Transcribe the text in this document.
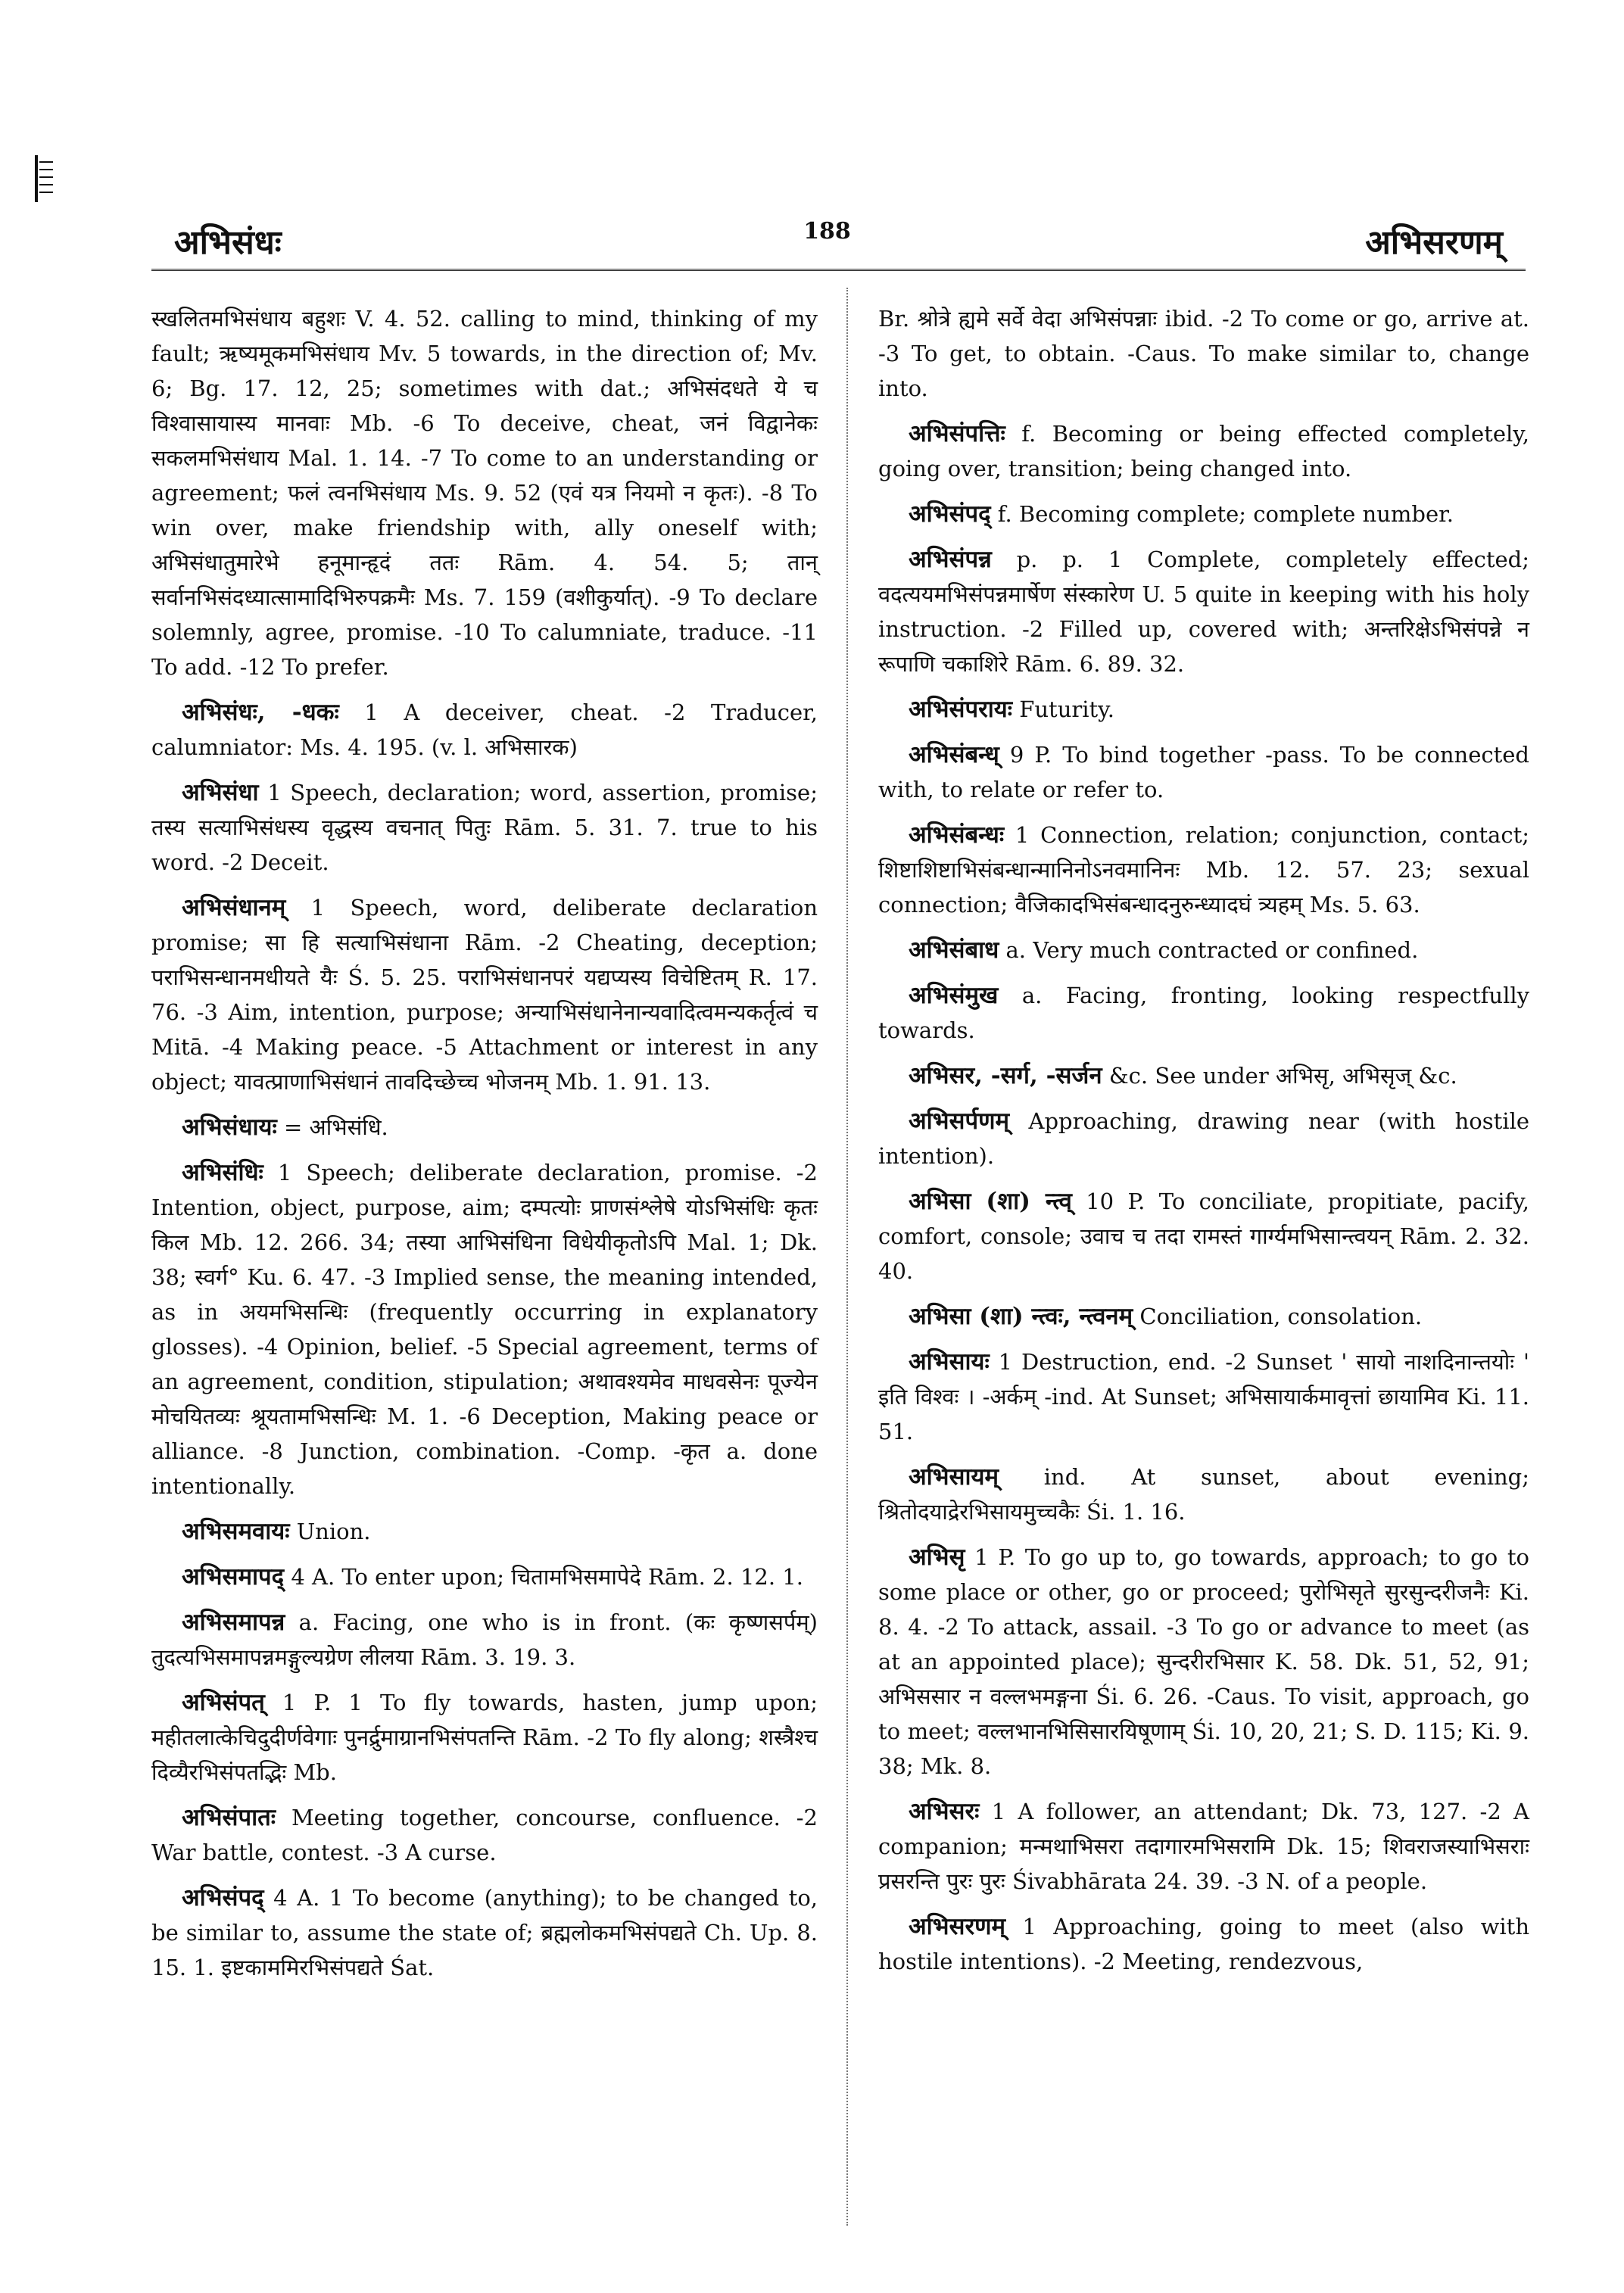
अभिसंधः	188	अभिसरणम्

स्खलितमभिसंधाय बहुशः V. 4. 52. calling to mind, thinking of my fault; ऋष्यमूकमभिसंधाय Mv. 5 towards, in the direction of; Mv. 6; Bg. 17. 12, 25; sometimes with dat.; अभिसंदधते ये च विश्वासायास्य मानवाः Mb. -6 To deceive, cheat, जनं विद्वानेकः सकलमभिसंधाय Mal. 1. 14. -7 To come to an understanding or agreement; फलं त्वनभिसंधाय Ms. 9. 52 (एवं यत्र नियमो न कृतः). -8 To win over, make friendship with, ally oneself with; अभिसंधातुमारेभे हनूमान्हृदं ततः Rām. 4. 54. 5; तान् सर्वानभिसंदध्यात्सामादिभिरुपक्रमैः Ms. 7. 159 (वशीकुर्यात्). -9 To declare solemnly, agree, promise. -10 To calumniate, traduce. -11 To add. -12 To prefer.

अभिसंधः, -धकः 1 A deceiver, cheat. -2 Traducer, calumniator: Ms. 4. 195. (v. l. अभिसारक)

अभिसंधा 1 Speech, declaration; word, assertion, promise; तस्य सत्याभिसंधस्य वृद्धस्य वचनात् पितुः Rām. 5. 31. 7. true to his word. -2 Deceit.

अभिसंधानम् 1 Speech, word, deliberate declaration promise; सा हि सत्याभिसंधाना Rām. -2 Cheating, deception; पराभिसन्धानमधीयते यैः Ś. 5. 25. पराभिसंधानपरं यद्यप्यस्य विचेष्टितम् R. 17. 76. -3 Aim, intention, purpose; अन्याभिसंधानेनान्यवादित्वमन्यकर्तृत्वं च Mitā. -4 Making peace. -5 Attachment or interest in any object; यावत्प्राणाभिसंधानं तावदिच्छेच्च भोजनम् Mb. 1. 91. 13.

अभिसंधायः = अभिसंधि.

अभिसंधिः 1 Speech; deliberate declaration, promise. -2 Intention, object, purpose, aim; दम्पत्योः प्राणसंश्लेषे योऽभिसंधिः कृतः किल Mb. 12. 266. 34; तस्या आभिसंधिना विधेयीकृतोऽपि Mal. 1; Dk. 38; स्वर्ग° Ku. 6. 47. -3 Implied sense, the meaning intended, as in अयमभिसन्धिः (frequently occurring in explanatory glosses). -4 Opinion, belief. -5 Special agreement, terms of an agreement, condition, stipulation; अथावश्यमेव माधवसेनः पूज्येन मोचयितव्यः श्रूयतामभिसन्धिः M. 1. -6 Deception, Making peace or alliance. -8 Junction, combination. -Comp. -कृत a. done intentionally.

अभिसमवायः Union.

अभिसमापद् 4 A. To enter upon; चितामभिसमापेदे Rām. 2. 12. 1.

अभिसमापन्न a. Facing, one who is in front. (कः कृष्णसर्पम्) तुदत्यभिसमापन्नमङ्गुल्यग्रेण लीलया Rām. 3. 19. 3.

अभिसंपत् 1 P. 1 To fly towards, hasten, jump upon; महीतलात्केचिदुदीर्णवेगाः पुनर्द्रुमाग्रानभिसंपतन्ति Rām. -2 To fly along; शस्त्रैश्च दिव्यैरभिसंपतद्भिः Mb.

अभिसंपातः Meeting together, concourse, confluence. -2 War battle, contest. -3 A curse.

अभिसंपद् 4 A. 1 To become (anything); to be changed to, be similar to, assume the state of; ब्रह्मलोकमभिसंपद्यते Ch. Up. 8. 15. 1. इष्टकाममिरभिसंपद्यते Śat.

Br. श्रोत्रे ह्यमे सर्वे वेदा अभिसंपन्नाः ibid. -2 To come or go, arrive at. -3 To get, to obtain. -Caus. To make similar to, change into.

अभिसंपत्तिः f. Becoming or being effected completely, going over, transition; being changed into.

अभिसंपद् f. Becoming complete; complete number.

अभिसंपन्न p. p. 1 Complete, completely effected; वदत्ययमभिसंपन्नमार्षेण संस्कारेण U. 5 quite in keeping with his holy instruction. -2 Filled up, covered with; अन्तरिक्षेऽभिसंपन्ने न रूपाणि चकाशिरे Rām. 6. 89. 32.

अभिसंपरायः Futurity.

अभिसंबन्ध् 9 P. To bind together -pass. To be connected with, to relate or refer to.

अभिसंबन्धः 1 Connection, relation; conjunction, contact; शिष्टाशिष्टाभिसंबन्धान्मानिनोऽनवमानिनः Mb. 12. 57. 23; sexual connection; वैजिकादभिसंबन्धादनुरुन्ध्यादघं त्र्यहम् Ms. 5. 63.

अभिसंबाध a. Very much contracted or confined.

अभिसंमुख a. Facing, fronting, looking respectfully towards.

अभिसर, -सर्ग, -सर्जन &c. See under अभिसृ, अभिसृज् &c.

अभिसर्पणम् Approaching, drawing near (with hostile intention).

अभिसा (शा) न्त्व् 10 P. To conciliate, propitiate, pacify, comfort, console; उवाच च तदा रामस्तं गार्ग्यमभिसान्त्वयन् Rām. 2. 32. 40.

अभिसा (शा) न्त्वः, न्त्वनम् Conciliation, consolation.

अभिसायः 1 Destruction, end. -2 Sunset ' सायो नाशदिनान्तयोः ' इति विश्वः । -अर्कम् -ind. At Sunset; अभिसायार्कमावृत्तां छायामिव Ki. 11. 51.

अभिसायम् ind. At sunset, about evening; श्रितोदयाद्रेरभिसायमुच्चकैः Śi. 1. 16.

अभिसृ 1 P. To go up to, go towards, approach; to go to some place or other, go or proceed; पुरोभिसृते सुरसुन्दरीजनैः Ki. 8. 4. -2 To attack, assail. -3 To go or advance to meet (as at an appointed place); सुन्दरीरभिसार K. 58. Dk. 51, 52, 91; अभिससार न वल्लभमङ्गना Śi. 6. 26. -Caus. To visit, approach, go to meet; वल्लभानभिसिसारयिषूणाम् Śi. 10, 20, 21; S. D. 115; Ki. 9. 38; Mk. 8.

अभिसरः 1 A follower, an attendant; Dk. 73, 127. -2 A companion; मन्मथाभिसरा तदागारमभिसरामि Dk. 15; शिवराजस्याभिसराः प्रसरन्ति पुरः पुरः Śivabhārata 24. 39. -3 N. of a people.

अभिसरणम् 1 Approaching, going to meet (also with hostile intentions). -2 Meeting, rendezvous,
